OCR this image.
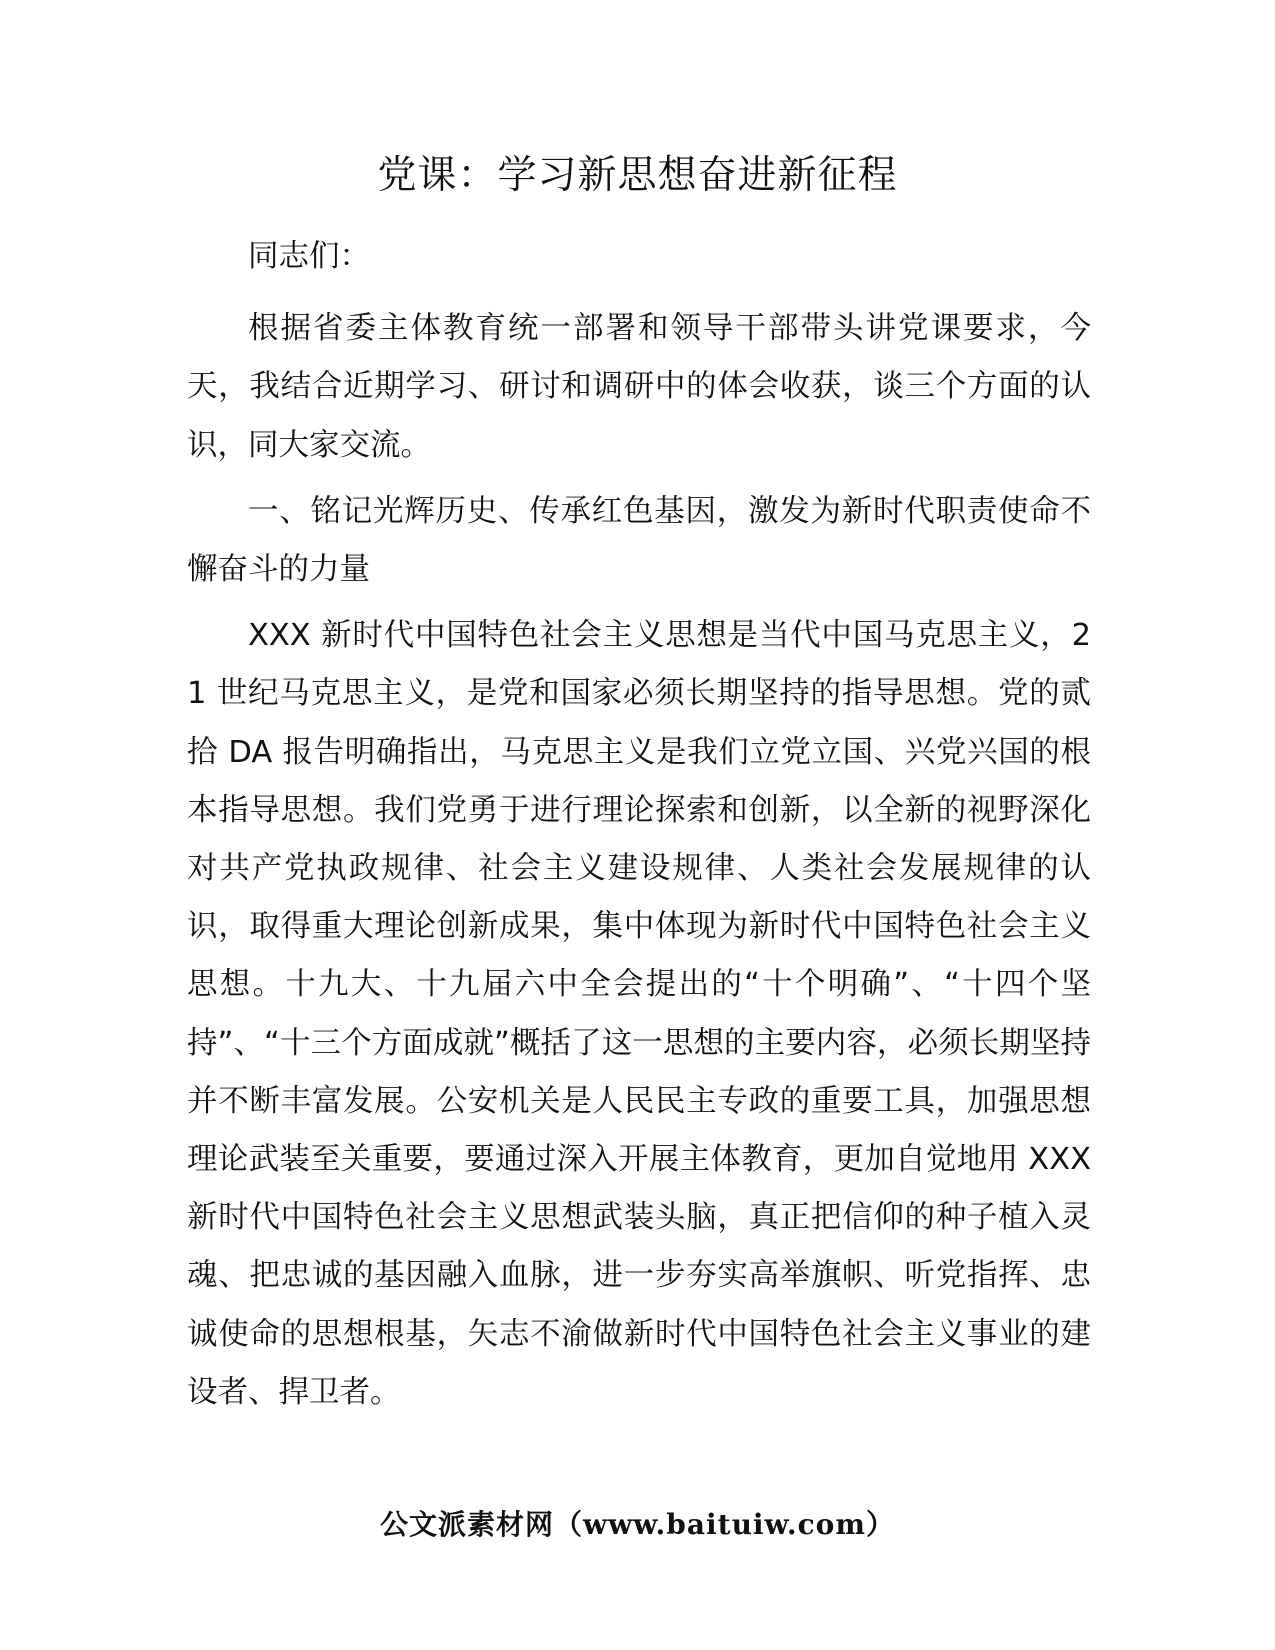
党课：学习新思想奋进新征程

同志们：

根据省委主体教育统一部署和领导干部带头讲党课要求，今天，我结合近期学习、研讨和调研中的体会收获，谈三个方面的认识，同大家交流。

一、铭记光辉历史、传承红色基因，激发为新时代职责使命不懈奋斗的力量

XXX 新时代中国特色社会主义思想是当代中国马克思主义，21 世纪马克思主义，是党和国家必须长期坚持的指导思想。党的贰拾 DA 报告明确指出，马克思主义是我们立党立国、兴党兴国的根本指导思想。我们党勇于进行理论探索和创新，以全新的视野深化对共产党执政规律、社会主义建设规律、人类社会发展规律的认识，取得重大理论创新成果，集中体现为新时代中国特色社会主义思想。十九大、十九届六中全会提出的“十个明确”、“十四个坚持”、“十三个方面成就”概括了这一思想的主要内容，必须长期坚持并不断丰富发展。公安机关是人民民主专政的重要工具，加强思想理论武装至关重要，要通过深入开展主体教育，更加自觉地用 XXX 新时代中国特色社会主义思想武装头脑，真正把信仰的种子植入灵魂、把忠诚的基因融入血脉，进一步夯实高举旗帜、听党指挥、忠诚使命的思想根基，矢志不渝做新时代中国特色社会主义事业的建设者、捍卫者。

公文派素材网（www.baituiw.com）
